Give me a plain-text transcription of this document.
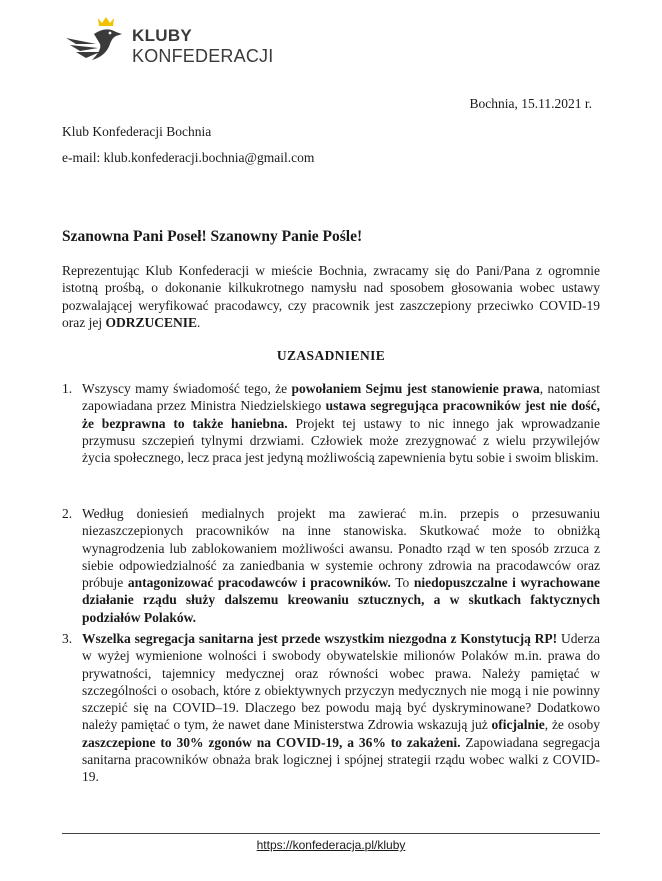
KLUBY
KONFEDERACJI
Bochnia, 15.11.2021 r.
Klub Konfederacji Bochnia
e-mail: klub.konfederacji.bochnia@gmail.com
Szanowna Pani Poseł! Szanowny Panie Pośle!
Reprezentując Klub Konfederacji w mieście Bochnia, zwracamy się do Pani/Pana z ogromnie istotną prośbą, o dokonanie kilkukrotnego namysłu nad sposobem głosowania wobec ustawy pozwalającej weryfikować pracodawcy, czy pracownik jest zaszczepiony przeciwko COVID-19 oraz jej ODRZUCENIE.
UZASADNIENIE
1. Wszyscy mamy świadomość tego, że powołaniem Sejmu jest stanowienie prawa, natomiast zapowiadana przez Ministra Niedzielskiego ustawa segregująca pracowników jest nie dość, że bezprawna to także haniebna. Projekt tej ustawy to nic innego jak wprowadzanie przymusu szczepień tylnymi drzwiami. Człowiek może zrezygnować z wielu przywilejów życia społecznego, lecz praca jest jedyną możliwością zapewnienia bytu sobie i swoim bliskim.
2. Według doniesień medialnych projekt ma zawierać m.in. przepis o przesuwaniu niezaszczepionych pracowników na inne stanowiska. Skutkować może to obniżką wynagrodzenia lub zablokowaniem możliwości awansu. Ponadto rząd w ten sposób zrzuca z siebie odpowiedzialność za zaniedbania w systemie ochrony zdrowia na pracodawców oraz próbuje antagonizować pracodawców i pracowników. To niedopuszczalne i wyrachowane działanie rządu służy dalszemu kreowaniu sztucznych, a w skutkach faktycznych podziałów Polaków.
3. Wszelka segregacja sanitarna jest przede wszystkim niezgodna z Konstytucją RP! Uderza w wyżej wymienione wolności i swobody obywatelskie milionów Polaków m.in. prawa do prywatności, tajemnicy medycznej oraz równości wobec prawa. Należy pamiętać w szczególności o osobach, które z obiektywnych przyczyn medycznych nie mogą i nie powinny szczepić się na COVID–19. Dlaczego bez powodu mają być dyskryminowane? Dodatkowo należy pamiętać o tym, że nawet dane Ministerstwa Zdrowia wskazują już oficjalnie, że osoby zaszczepione to 30% zgonów na COVID-19, a 36% to zakażeni. Zapowiadana segregacja sanitarna pracowników obnaża brak logicznej i spójnej strategii rządu wobec walki z COVID-19.
https://konfederacja.pl/kluby
